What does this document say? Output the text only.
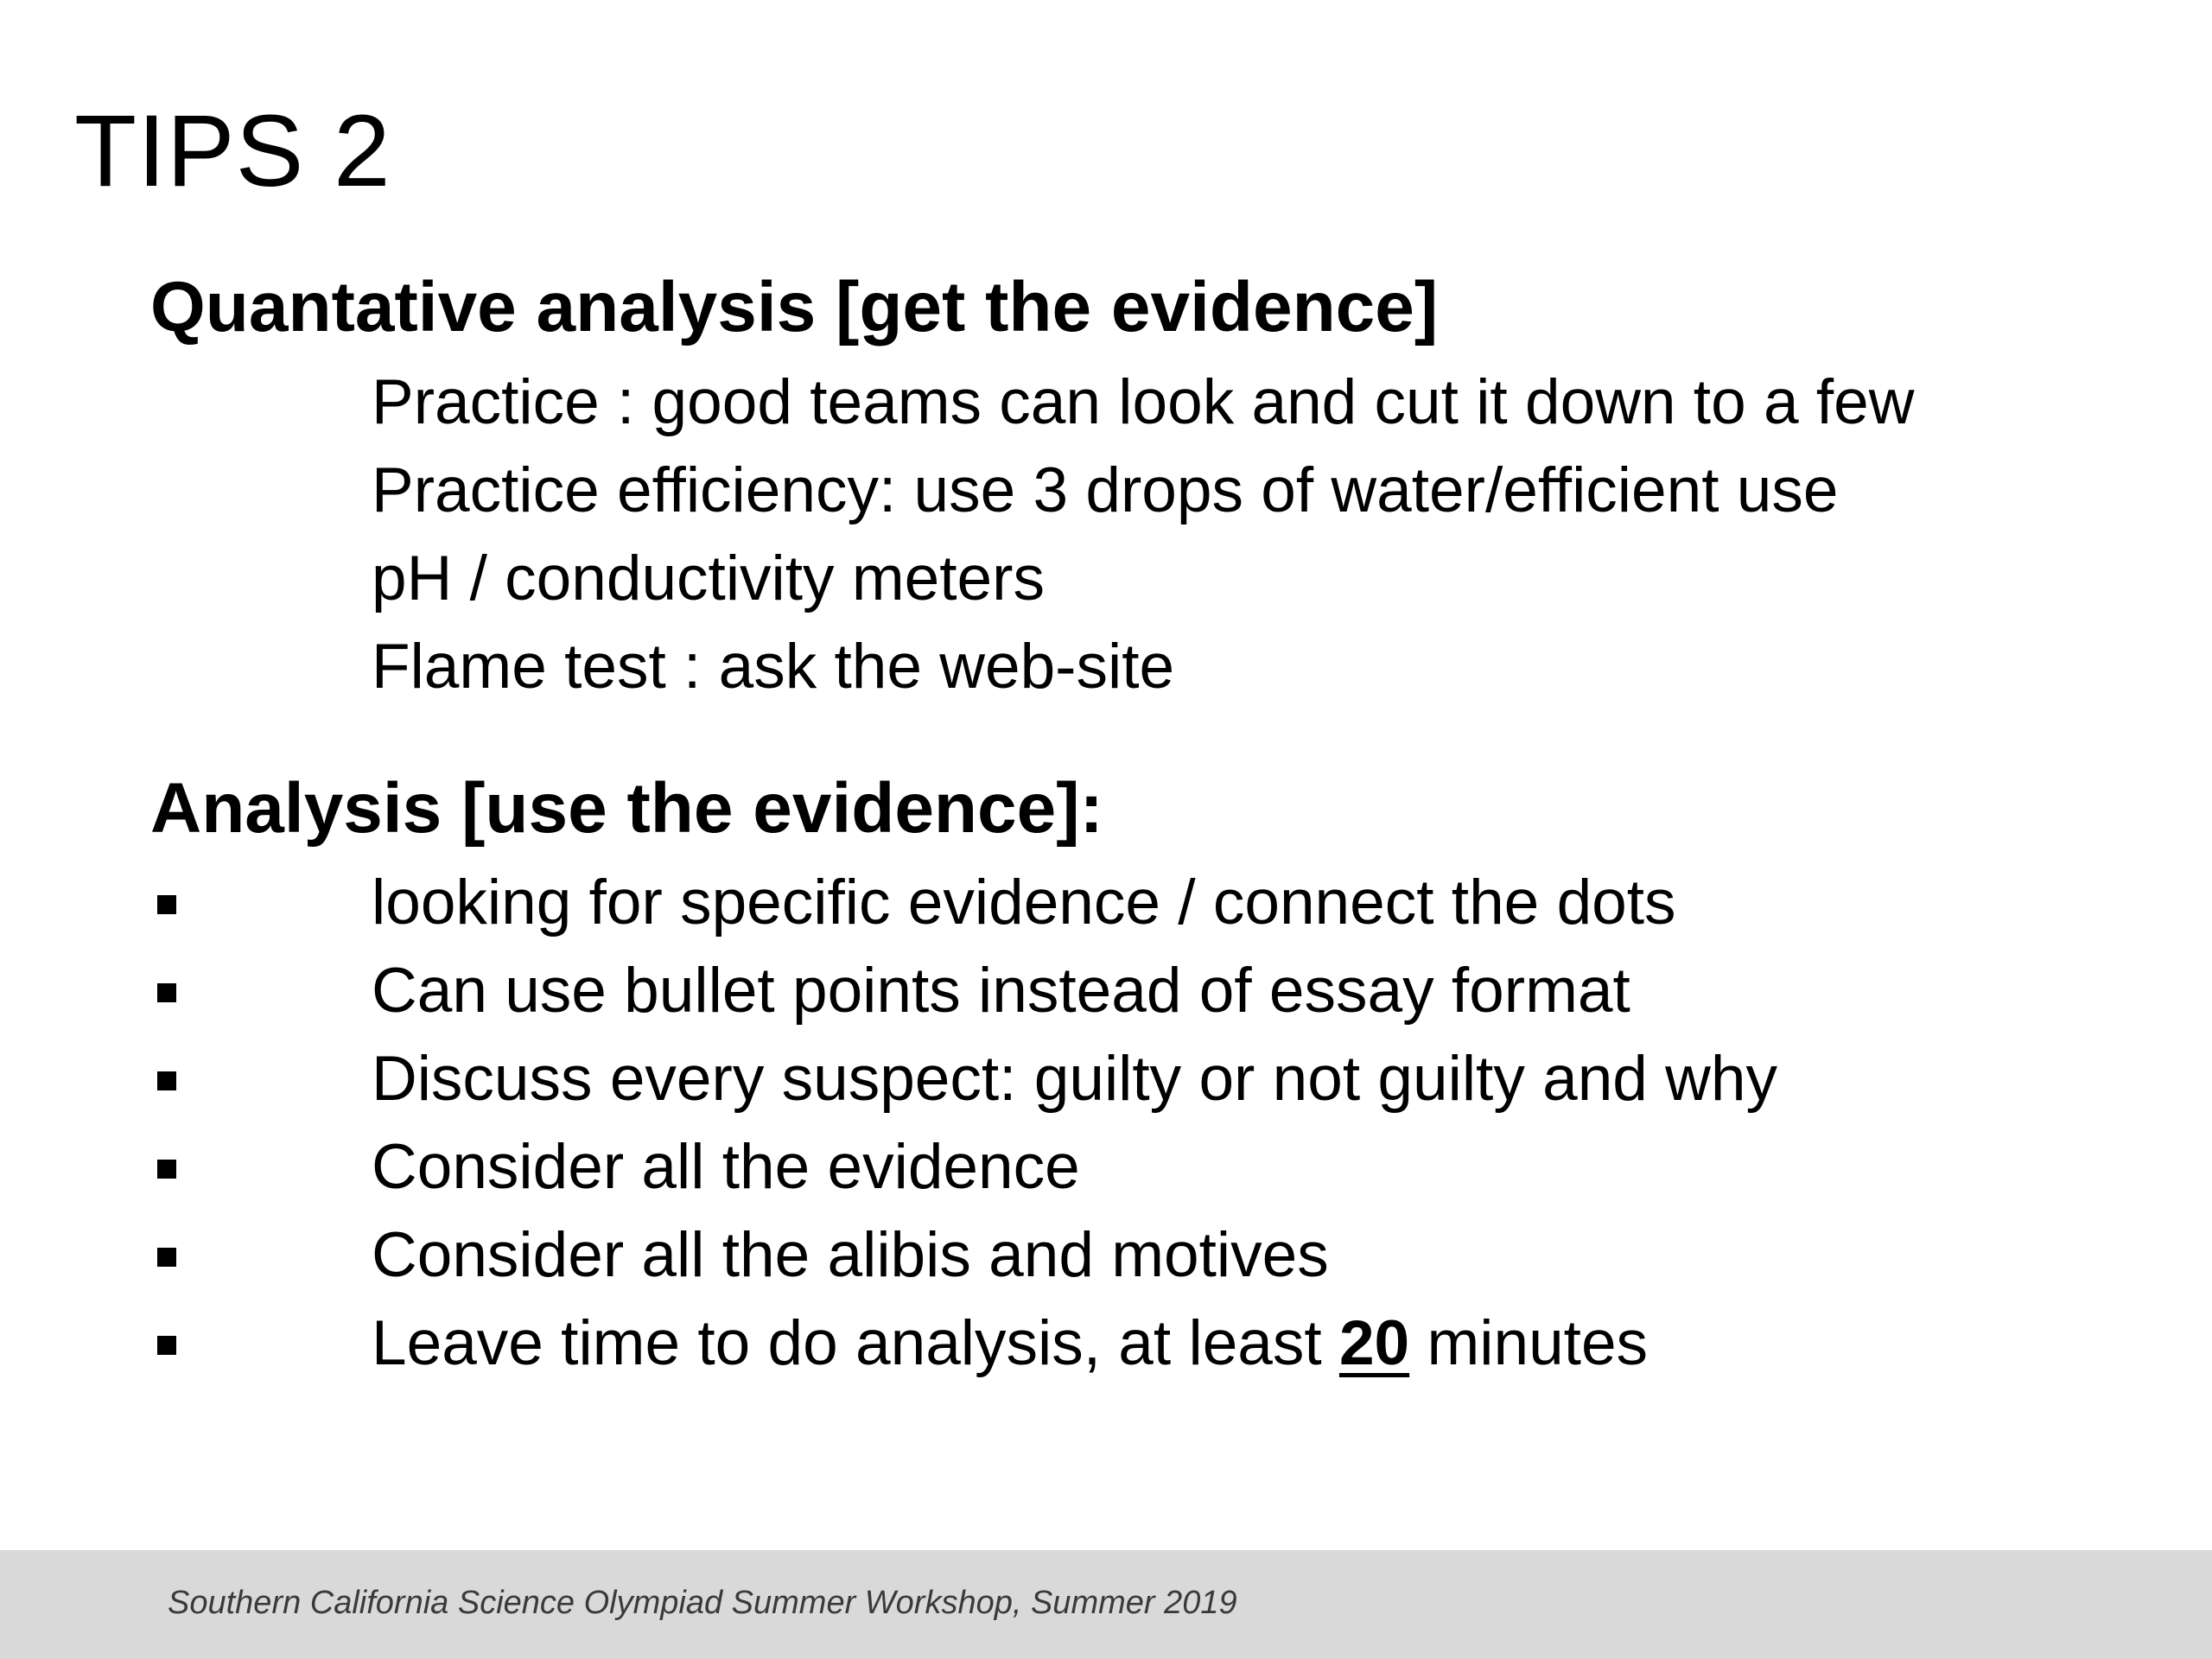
TIPS 2
Quantative analysis [get the evidence]
Practice : good teams can look and cut it down to a few
Practice efficiency: use 3 drops of water/efficient use
pH / conductivity meters
Flame test : ask the web-site
Analysis [use the evidence]:
looking for specific evidence / connect the dots
Can use bullet points instead of essay format
Discuss every suspect: guilty or not guilty and why
Consider all the evidence
Consider all the alibis and motives
Leave time to do analysis, at least 20 minutes
Southern California Science Olympiad Summer Workshop, Summer 2019
